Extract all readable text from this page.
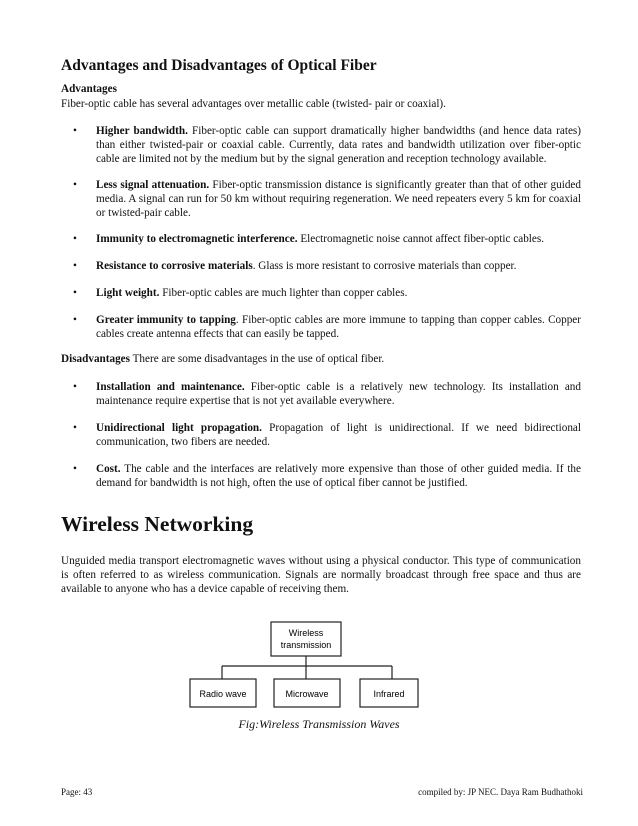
Advantages and Disadvantages of Optical Fiber

Advantages

Fiber-optic cable has several advantages over metallic cable (twisted- pair or coaxial).

• Higher bandwidth. Fiber-optic cable can support dramatically higher bandwidths (and hence data rates) than either twisted-pair or coaxial cable. Currently, data rates and bandwidth utilization over fiber-optic cable are limited not by the medium but by the signal generation and reception technology available.
• Less signal attenuation. Fiber-optic transmission distance is significantly greater than that of other guided media. A signal can run for 50 km without requiring regeneration. We need repeaters every 5 km for coaxial or twisted-pair cable.
• Immunity to electromagnetic interference. Electromagnetic noise cannot affect fiber-optic cables.
• Resistance to corrosive materials. Glass is more resistant to corrosive materials than copper.
• Light weight. Fiber-optic cables are much lighter than copper cables.
• Greater immunity to tapping. Fiber-optic cables are more immune to tapping than copper cables. Copper cables create antenna effects that can easily be tapped.

Disadvantages There are some disadvantages in the use of optical fiber.

• Installation and maintenance. Fiber-optic cable is a relatively new technology. Its installation and maintenance require expertise that is not yet available everywhere.
• Unidirectional light propagation. Propagation of light is unidirectional. If we need bidirectional communication, two fibers are needed.
• Cost. The cable and the interfaces are relatively more expensive than those of other guided media. If the demand for bandwidth is not high, often the use of optical fiber cannot be justified.
Wireless Networking

Unguided media transport electromagnetic waves without using a physical conductor. This type of communication is often referred to as wireless communication. Signals are normally broadcast through free space and thus are available to anyone who has a device capable of receiving them.

Wireless
transmission
Radio wave	Microwave	Infrared
Fig:Wireless Transmission Waves
Page: 43	compiled by: JP NEC. Daya Ram Budhathoki
